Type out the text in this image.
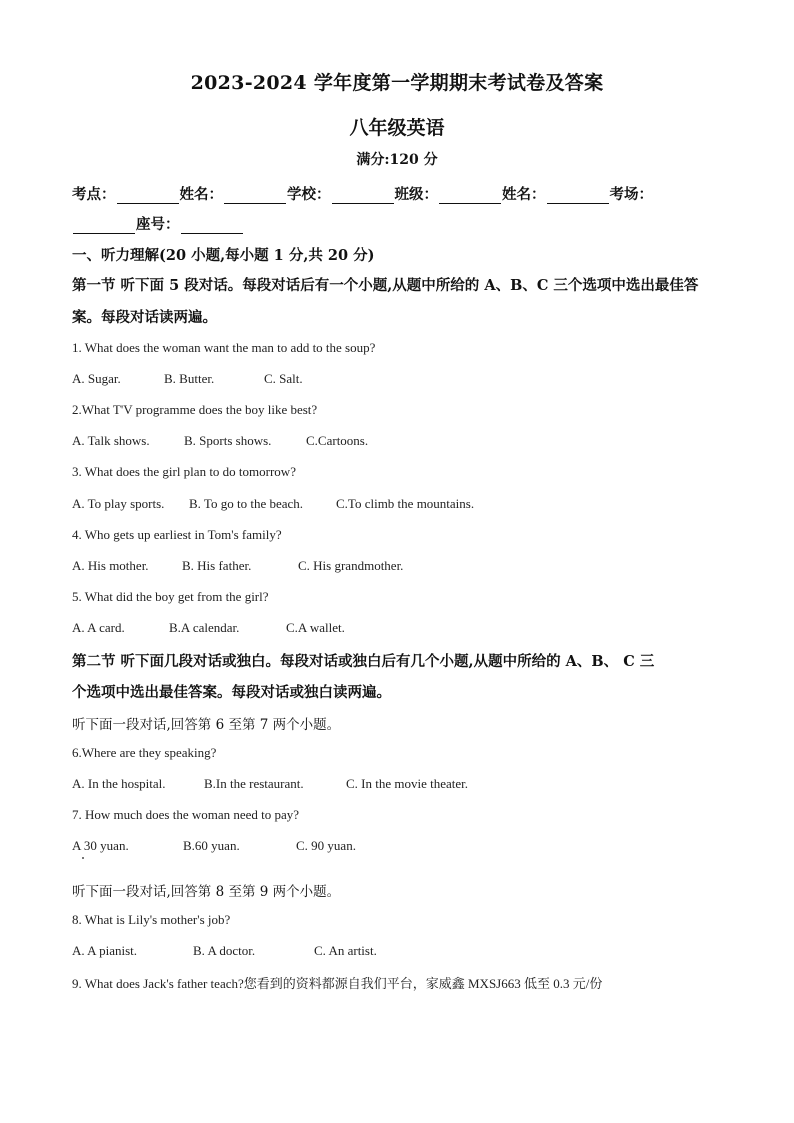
2023-2024 学年度第一学期期末考试卷及答案
八年级英语
满分:120 分
考点：	姓名：	学校：	班级：	姓名：	考场：
座号：
一、听力理解(20 小题,每小题 1 分,共 20 分)
第一节 听下面 5 段对话。每段对话后有一个小题,从题中所给的 A、B、C 三个选项中选出最佳答
案。每段对话读两遍。
1. What does the woman want the man to add to the soup?
A. Sugar.	B. Butter.	C. Salt.
2.What T'V programme does the boy like best?
A. Talk shows.	B. Sports shows.	C.Cartoons.
3. What does the girl plan to do tomorrow?
A. To play sports. B. To go to the beach.	C.To climb the mountains.
4. Who gets up earliest in Tom's family?
A. His mother.	B. His father.	C. His grandmother.
5. What did the boy get from the girl?
A. A card.	B.A calendar.	C.A wallet.
第二节 听下面几段对话或独白。每段对话或独白后有几个小题,从题中所给的 A、B、 C 三
个选项中选出最佳答案。每段对话或独白读两遍。
听下面一段对话,回答第 6 至第 7 两个小题。
6.Where are they speaking?
A. In the hospital.	B.In the restaurant.	C. In the movie theater.
7. How much does the woman need to pay?
A 30 yuan.	B.60 yuan.	C. 90 yuan.
听下面一段对话,回答第 8 至第 9 两个小题。
8. What is Lily's mother's job?
A. A pianist.	B. A doctor.	C. An artist.
9. What does Jack's father teach?您看到的资料都源自我们平台，家威鑫 MXSJ663 低至 0.3 元/份
